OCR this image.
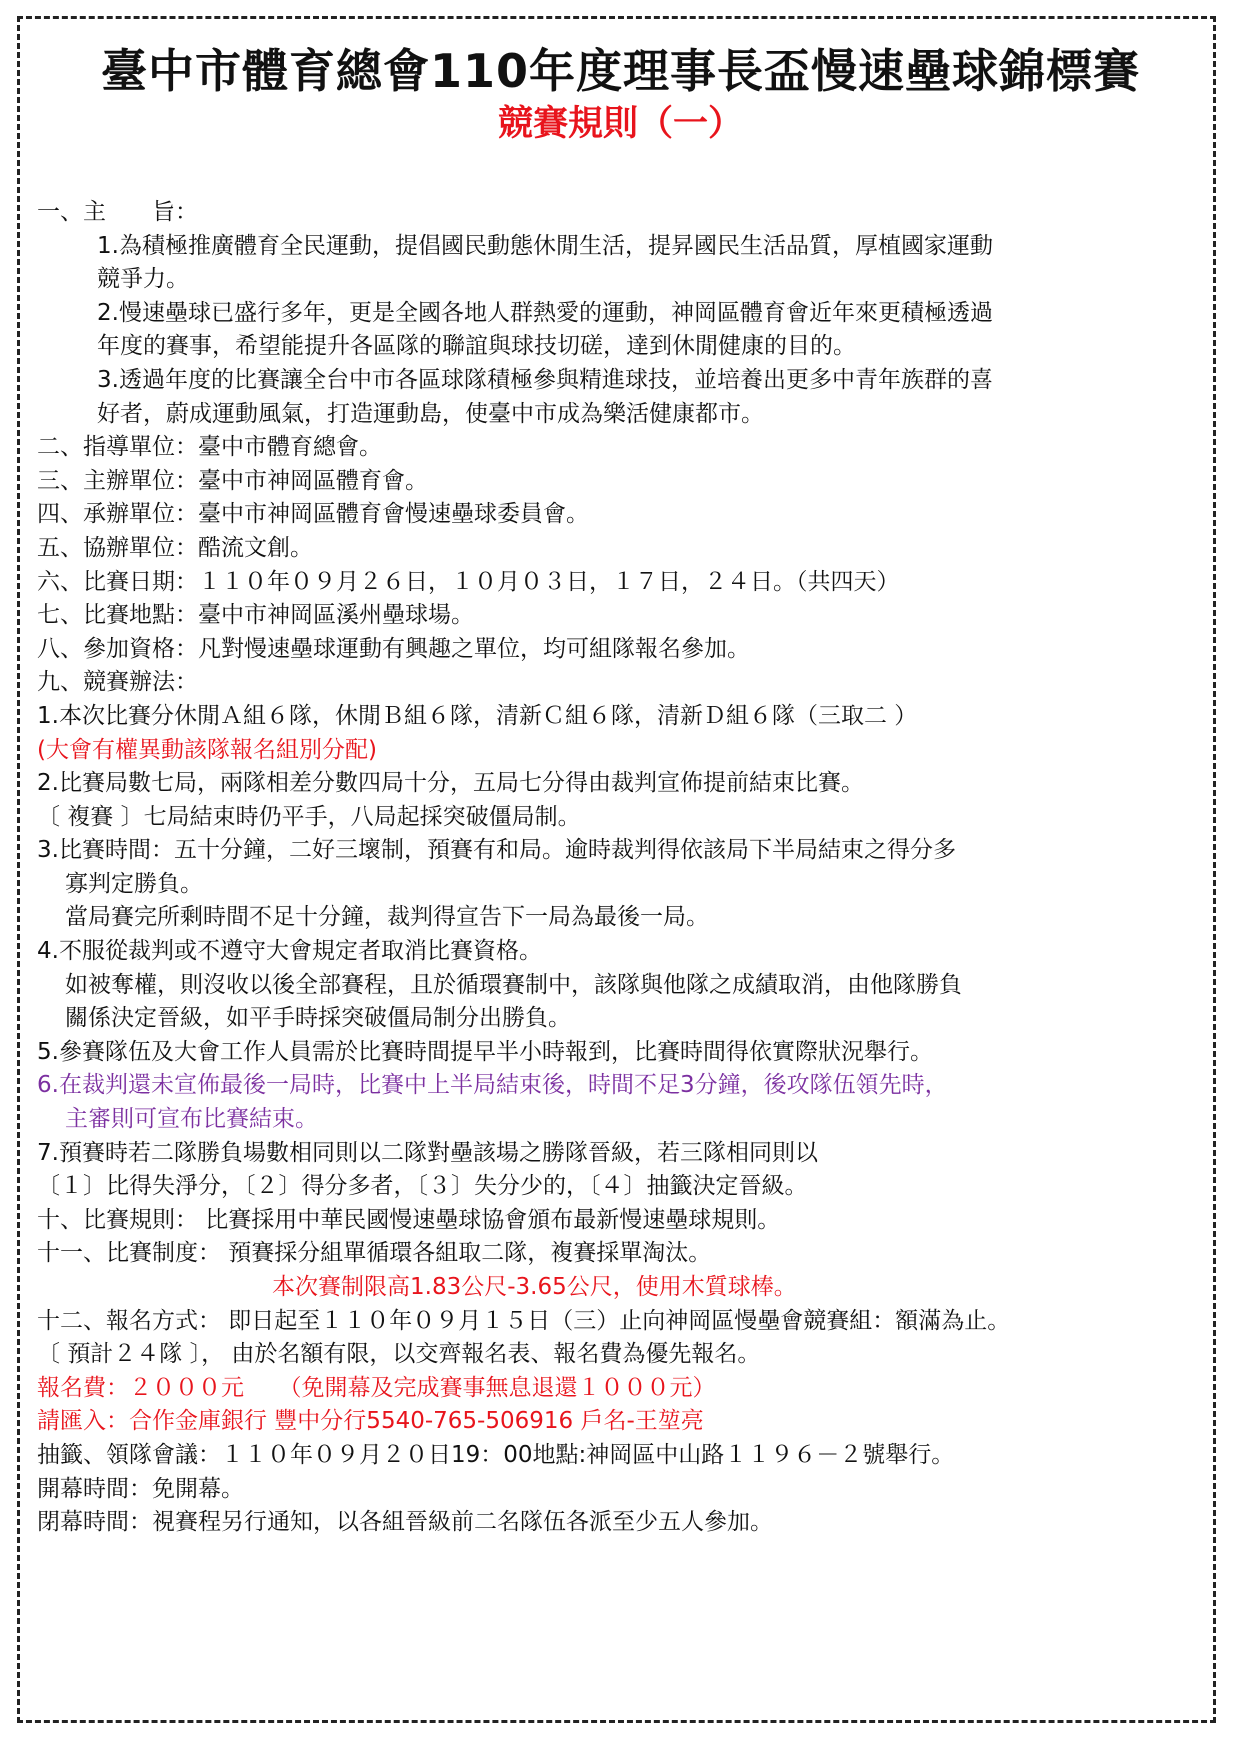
臺中市體育總會110年度理事長盃慢速壘球錦標賽
競賽規則（一）
一、主　　旨：
1.為積極推廣體育全民運動，提倡國民動態休閒生活，提昇國民生活品質，厚植國家運動
競爭力。
2.慢速壘球已盛行多年，更是全國各地人群熱愛的運動，神岡區體育會近年來更積極透過
年度的賽事，希望能提升各區隊的聯誼與球技切磋，達到休閒健康的目的。
3.透過年度的比賽讓全台中市各區球隊積極參與精進球技，並培養出更多中青年族群的喜
好者，蔚成運動風氣，打造運動島，使臺中市成為樂活健康都市。
二、指導單位：臺中市體育總會。
三、主辦單位：臺中市神岡區體育會。
四、承辦單位：臺中市神岡區體育會慢速壘球委員會。
五、協辦單位：酷流文創。
六、比賽日期：１１０年０９月２６日，１０月０３日，１７日，２４日。（共四天）
七、比賽地點：臺中市神岡區溪州壘球場。
八、參加資格：凡對慢速壘球運動有興趣之單位，均可組隊報名參加。
九、競賽辦法：
1.本次比賽分休閒Ａ組６隊，休閒Ｂ組６隊，清新Ｃ組６隊，清新Ｄ組６隊（三取二 ）
(大會有權異動該隊報名組別分配)
2.比賽局數七局，兩隊相差分數四局十分，五局七分得由裁判宣佈提前結束比賽。
〔 複賽 〕七局結束時仍平手，八局起採突破僵局制。
3.比賽時間：五十分鐘，二好三壞制，預賽有和局。逾時裁判得依該局下半局結束之得分多
寡判定勝負。
當局賽完所剩時間不足十分鐘，裁判得宣告下一局為最後一局。
4.不服從裁判或不遵守大會規定者取消比賽資格。
如被奪權，則沒收以後全部賽程，且於循環賽制中，該隊與他隊之成績取消，由他隊勝負
關係決定晉級，如平手時採突破僵局制分出勝負。
5.參賽隊伍及大會工作人員需於比賽時間提早半小時報到，比賽時間得依實際狀況舉行。
6.在裁判還未宣佈最後一局時，比賽中上半局結束後，時間不足3分鐘，後攻隊伍領先時，
主審則可宣布比賽結束。
7.預賽時若二隊勝負場數相同則以二隊對壘該場之勝隊晉級，若三隊相同則以
〔１〕比得失淨分，〔２〕得分多者，〔３〕失分少的，〔４〕抽籤決定晉級。
十、比賽規則： 比賽採用中華民國慢速壘球協會頒布最新慢速壘球規則。
十一、比賽制度： 預賽採分組單循環各組取二隊，複賽採單淘汰。
本次賽制限高1.83公尺-3.65公尺，使用木質球棒。
十二、報名方式： 即日起至１１０年０９月１５日（三）止向神岡區慢壘會競賽組：額滿為止。
〔 預計２４隊 〕， 由於名額有限，以交齊報名表、報名費為優先報名。
報名費：２０００元　　（免開幕及完成賽事無息退還１０００元）
請匯入：合作金庫銀行 豐中分行5540-765-506916 戶名-王堃亮
抽籤、領隊會議：１１０年０９月２０日19：00地點:神岡區中山路１１９６－２號舉行。
開幕時間：免開幕。
閉幕時間：視賽程另行通知，以各組晉級前二名隊伍各派至少五人參加。
